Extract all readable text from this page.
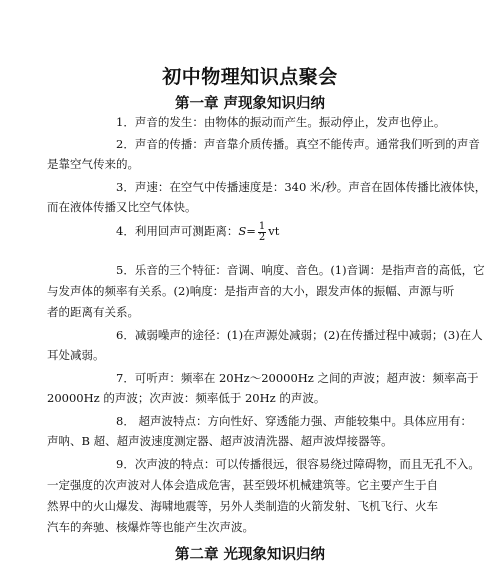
初中物理知识点聚会
第一章 声现象知识归纳
1．声音的发生：由物体的振动而产生。振动停止，发声也停止。
2．声音的传播：声音靠介质传播。真空不能传声。通常我们听到的声音
是靠空气传来的。
3．声速：在空气中传播速度是：340 米/秒。声音在固体传播比液体快，
而在液体传播又比空气体快。
4．利用回声可测距离：$S= \frac{1}{2}$ vt
5．乐音的三个特征：音调、响度、音色。(1)音调：是指声音的高低，它
与发声体的频率有关系。(2)响度：是指声音的大小，跟发声体的振幅、声源与听
者的距离有关系。
6．减弱噪声的途径：(1)在声源处减弱；(2)在传播过程中减弱；(3)在人
耳处减弱。
7．可听声：频率在 20Hz～20000Hz 之间的声波；超声波：频率高于
20000Hz 的声波；次声波：频率低于 20Hz 的声波。
8． 超声波特点：方向性好、穿透能力强、声能较集中。具体应用有：
声呐、B 超、超声波速度测定器、超声波清洗器、超声波焊接器等。
9．次声波的特点：可以传播很远，很容易绕过障碍物，而且无孔不入。
一定强度的次声波对人体会造成危害，甚至毁坏机械建筑等。它主要产生于自
然界中的火山爆发、海啸地震等，另外人类制造的火箭发射、飞机飞行、火车
汽车的奔驰、核爆炸等也能产生次声波。
第二章 光现象知识归纳
